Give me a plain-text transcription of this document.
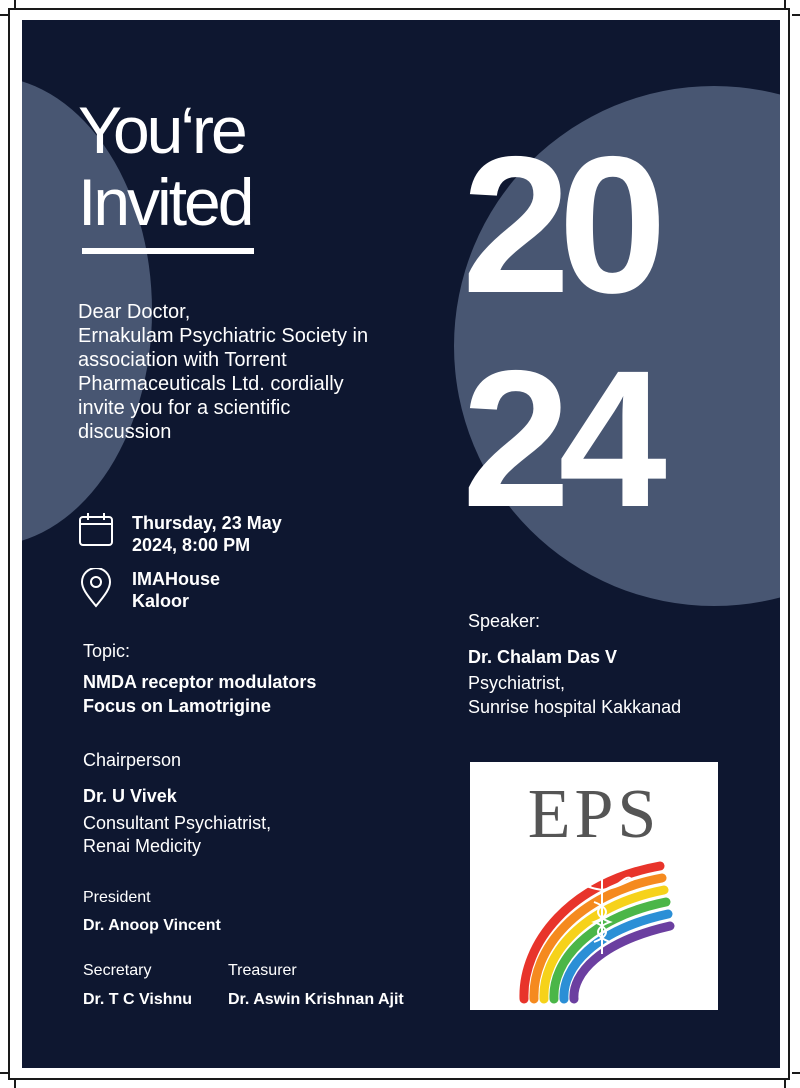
You‘re
Invited
Dear Doctor,
Ernakulam Psychiatric Society in
association with Torrent
Pharmaceuticals Ltd. cordially
invite you for a scientific
discussion
20
24
Thursday, 23 May
2024, 8:00 PM
IMAHouse
Kaloor
Topic:
NMDA receptor modulators
Focus on Lamotrigine
Chairperson
Dr. U Vivek
Consultant Psychiatrist,
Renai Medicity
President
Dr. Anoop Vincent
Secretary
Dr. T C Vishnu
Treasurer
Dr. Aswin Krishnan Ajit
Speaker:
Dr. Chalam Das V
Psychiatrist,
Sunrise hospital Kakkanad
EPS
